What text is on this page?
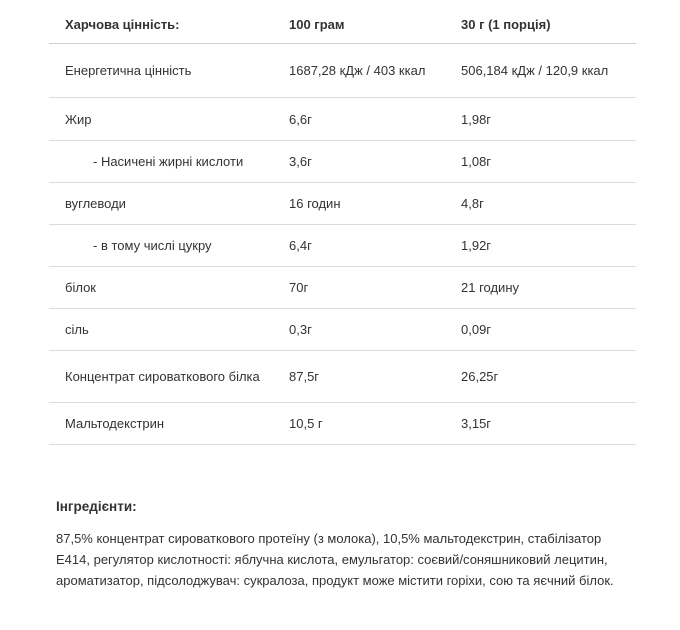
Харчова цінність:	100 грам	30 г (1 порція)
Енергетична цінність	1687,28 кДж / 403 ккал	506,184 кДж / 120,9 ккал
Жир	6,6г	1,98г
- Насичені жирні кислоти	3,6г	1,08г
вуглеводи	16 годин	4,8г
- в тому числі цукру	6,4г	1,92г
білок	70г	21 годину
сіль	0,3г	0,09г
Концентрат сироваткового білка	87,5г	26,25г
Мальтодекстрин	10,5 г	3,15г
Інгредієнти:

87,5% концентрат сироваткового протеїну (з молока), 10,5% мальтодекстрин, стабілізатор E414, регулятор кислотності: яблучна кислота, емульгатор: соєвий/соняшниковий лецитин, ароматизатор, підсолоджувач: сукралоза, продукт може містити горіхи, сою та яєчний білок.
